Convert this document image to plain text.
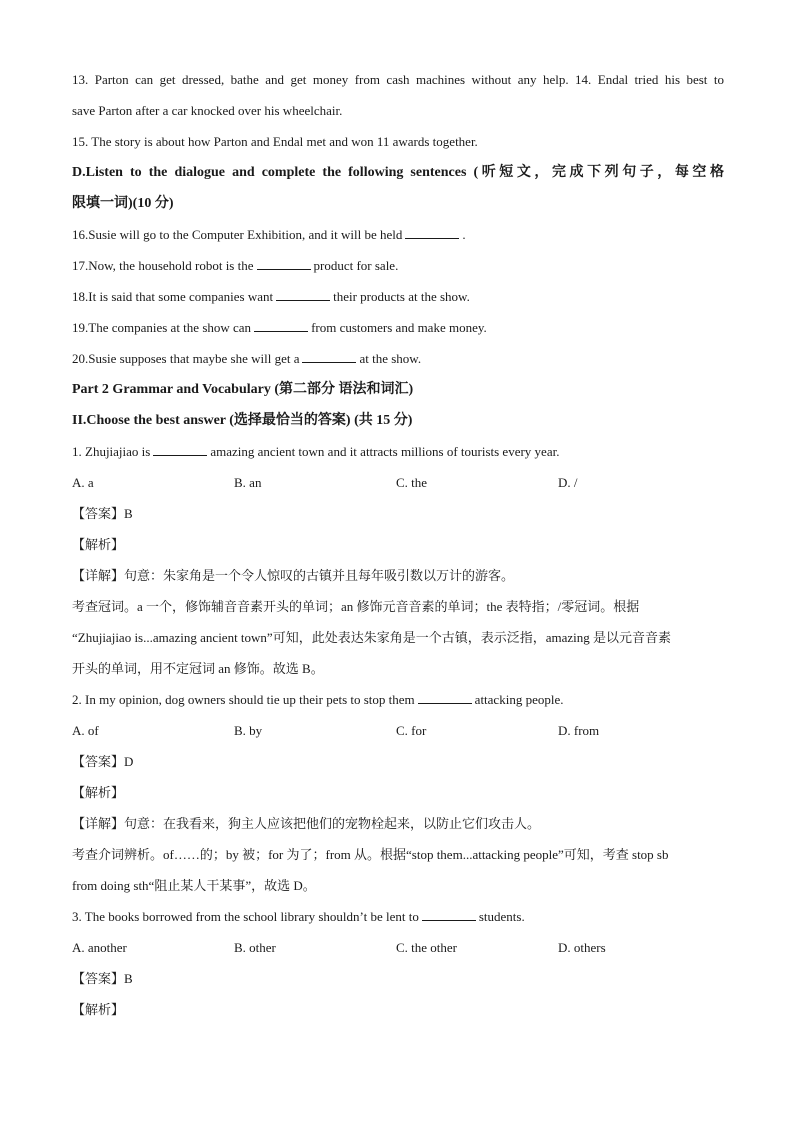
13. Parton can get dressed, bathe and get money from cash machines without any help. 14. Endal tried his best to
save Parton after a car knocked over his wheelchair.
15. The story is about how Parton and Endal met and won 11 awards together.
D.Listen to the dialogue and complete the following sentences (听短文，完成下列句子，每空格
限填一词)(10 分)
16.Susie will go to the Computer Exhibition, and it will be held	.
17.Now, the household robot is the	product for sale.
18.It is said that some companies want	their products at the show.
19.The companies at the show can	from customers and make money.
20.Susie supposes that maybe she will get a	at the show.
Part 2 Grammar and Vocabulary (第二部分 语法和词汇)
II.Choose the best answer (选择最恰当的答案) (共 15 分)
1. Zhujiajiao is	amazing ancient town and it attracts millions of tourists every year.
A. a	B. an	C. the	D. /
【答案】B
【解析】
【详解】句意：朱家角是一个令人惊叹的古镇并且每年吸引数以万计的游客。
考查冠词。a 一个，修饰辅音音素开头的单词；an 修饰元音音素的单词；the 表特指；/零冠词。根据
“Zhujiajiao is...amazing ancient town”可知，此处表达朱家角是一个古镇，表示泛指，amazing 是以元音音素
开头的单词，用不定冠词 an 修饰。故选 B。
2. In my opinion, dog owners should tie up their pets to stop them	attacking people.
A. of	B. by	C. for	D. from
【答案】D
【解析】
【详解】句意：在我看来，狗主人应该把他们的宠物栓起来，以防止它们攻击人。
考查介词辨析。of……的；by 被；for 为了；from 从。根据“stop them...attacking people”可知，考查 stop sb
from doing sth“阻止某人干某事”，故选 D。
3. The books borrowed from the school library shouldn’t be lent to	students.
A. another	B. other	C. the other	D. others
【答案】B
【解析】
